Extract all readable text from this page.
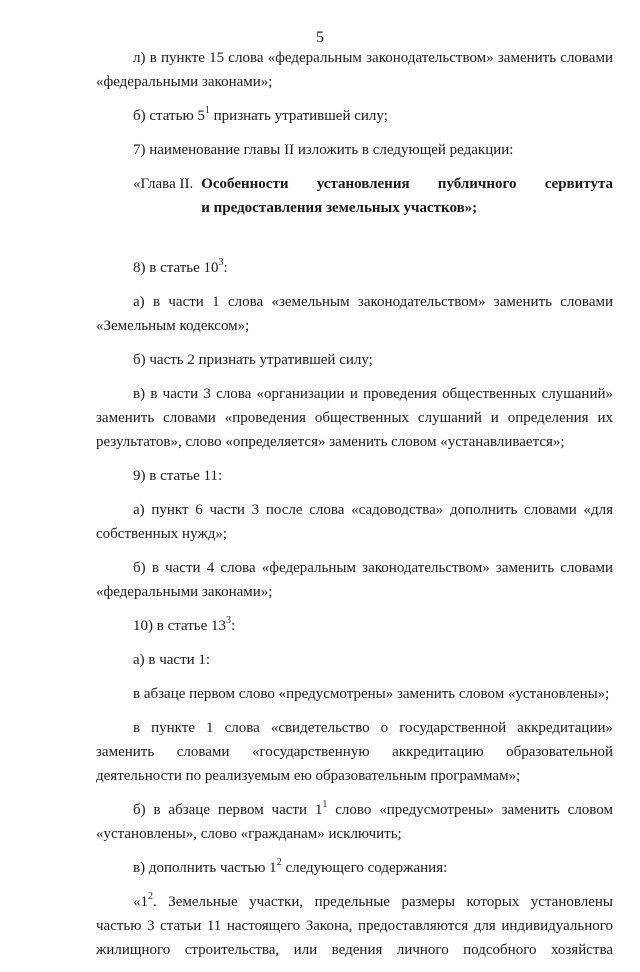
5

л) в пункте 15 слова «федеральным законодательством» заменить словами «федеральными законами»;

б) статью $5^1$ признать утратившей силу;

7) наименование главы II изложить в следующей редакции:

«Глава II. Особенности установления публичного сервитута
и предоставления земельных участков»;

8) в статье $10^3$:

а) в части 1 слова «земельным законодательством» заменить словами «Земельным кодексом»;

б) часть 2 признать утратившей силу;

в) в части 3 слова «организации и проведения общественных слушаний» заменить словами «проведения общественных слушаний и определения их результатов», слово «определяется» заменить словом «устанавливается»;

9) в статье 11:

а) пункт 6 части 3 после слова «садоводства» дополнить словами «для собственных нужд»;

б) в части 4 слова «федеральным законодательством» заменить словами «федеральными законами»;

10) в статье $13^3$:

а) в части 1:

в абзаце первом слово «предусмотрены» заменить словом «установлены»;

в пункте 1 слова «свидетельство о государственной аккредитации» заменить словами «государственную аккредитацию образовательной деятельности по реализуемым ею образовательным программам»;

б) в абзаце первом части $1^1$ слово «предусмотрены» заменить словом «установлены», слово «гражданам» исключить;

в) дополнить частью $1^2$ следующего содержания:

«$1^2$. Земельные участки, предельные размеры которых установлены частью 3 статьи 11 настоящего Закона, предоставляются для индивидуального жилищного строительства, или ведения личного подсобного хозяйства
